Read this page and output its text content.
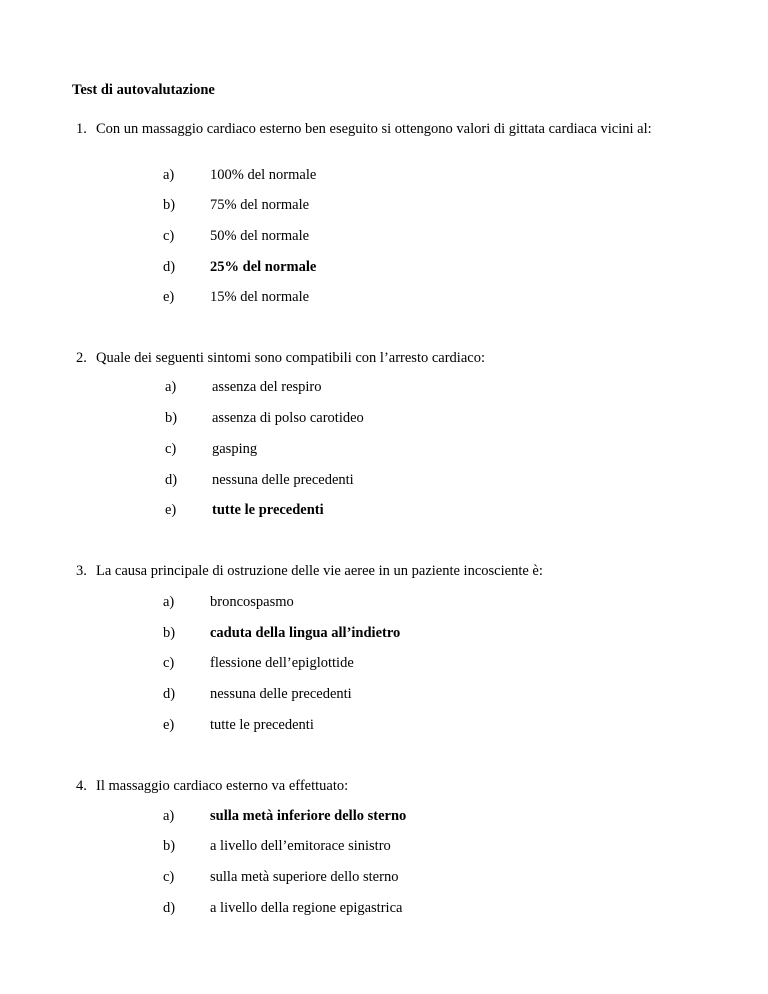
Test di autovalutazione
1. Con un massaggio cardiaco esterno ben eseguito si ottengono valori di gittata cardiaca vicini al:
a)	100% del normale
b)	75% del normale
c)	50% del normale
d)	25% del normale
e)	15% del normale
2. Quale dei seguenti sintomi sono compatibili con l’arresto cardiaco:
a)	assenza del respiro
b)	assenza di polso carotideo
c)	gasping
d)	nessuna delle precedenti
e)	tutte le precedenti
3. La causa principale di ostruzione delle vie aeree in un paziente incosciente è:
a)	broncospasmo
b)	caduta della lingua all’indietro
c)	flessione dell’epiglottide
d)	nessuna delle precedenti
e)	tutte le precedenti
4. Il massaggio cardiaco esterno va effettuato:
a)	sulla metà inferiore dello sterno
b)	a livello dell’emitorace sinistro
c)	sulla metà superiore dello sterno
d)	a livello della regione epigastrica
